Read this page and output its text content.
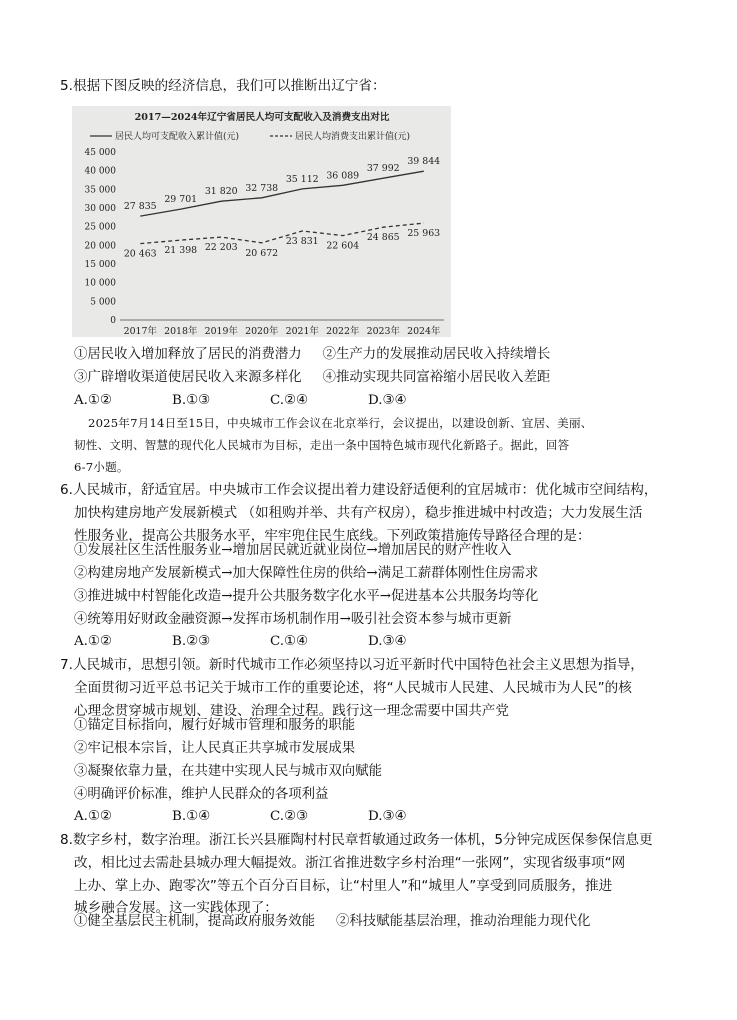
5.根据下图反映的经济信息，我们可以推断出辽宁省：
2017—2024年辽宁省居民人均可支配收入及消费支出对比
居民人均可支配收入累计值(元)	居民人均消费支出累计值(元)
0
5 000
10 000
15 000
20 000
25 000
30 000
35 000
40 000
45 000
2017年 2018年 2019年 2020年 2021年 2022年 2023年 2024年
27 835
29 701
31 820 32 738
35 112 36 089
37 992
39 844
20 463 21 398 22 203
20 672
23 831 22 604
24 865 25 963
①居民收入增加释放了居民的消费潜力 ②生产力的发展推动居民收入持续增长
③广辟增收渠道使居民收入来源多样化 ④推动实现共同富裕缩小居民收入差距
A.①②	B.①③	C.②④	D.③④
2025年7月14日至15日，中央城市工作会议在北京举行，会议提出，以建设创新、宜居、美丽、
韧性、文明、智慧的现代化人民城市为目标，走出一条中国特色城市现代化新路子。据此，回答
6-7小题。
6.人民城市，舒适宜居。中央城市工作会议提出着力建设舒适便利的宜居城市：优化城市空间结构，
加快构建房地产发展新模式 （如租购并举、共有产权房），稳步推进城中村改造；大力发展生活
性服务业，提高公共服务水平，牢牢兜住民生底线。下列政策措施传导路径合理的是：
①发展社区生活性服务业→增加居民就近就业岗位→增加居民的财产性收入
②构建房地产发展新模式→加大保障性住房的供给→满足工薪群体刚性住房需求
③推进城中村智能化改造→提升公共服务数字化水平→促进基本公共服务均等化
④统筹用好财政金融资源→发挥市场机制作用→吸引社会资本参与城市更新
A.①②	B.②③	C.①④	D.③④
7.人民城市，思想引领。新时代城市工作必须坚持以习近平新时代中国特色社会主义思想为指导，
全面贯彻习近平总书记关于城市工作的重要论述，将“人民城市人民建、人民城市为人民”的核
心理念贯穿城市规划、建设、治理全过程。践行这一理念需要中国共产党
①锚定目标指向，履行好城市管理和服务的职能
②牢记根本宗旨，让人民真正共享城市发展成果
③凝聚依靠力量，在共建中实现人民与城市双向赋能
④明确评价标准，维护人民群众的各项利益
A.①②	B.①④	C.②③	D.③④
8.数字乡村，数字治理。浙江长兴县雁陶村村民章哲敏通过政务一体机，5分钟完成医保参保信息更
改，相比过去需赴县城办理大幅提效。浙江省推进数字乡村治理“一张网”，实现省级事项“网
上办、掌上办、跑零次”等五个百分百目标，让“村里人”和“城里人”享受到同质服务，推进
城乡融合发展。这一实践体现了：
①健全基层民主机制，提高政府服务效能 ②科技赋能基层治理，推动治理能力现代化
